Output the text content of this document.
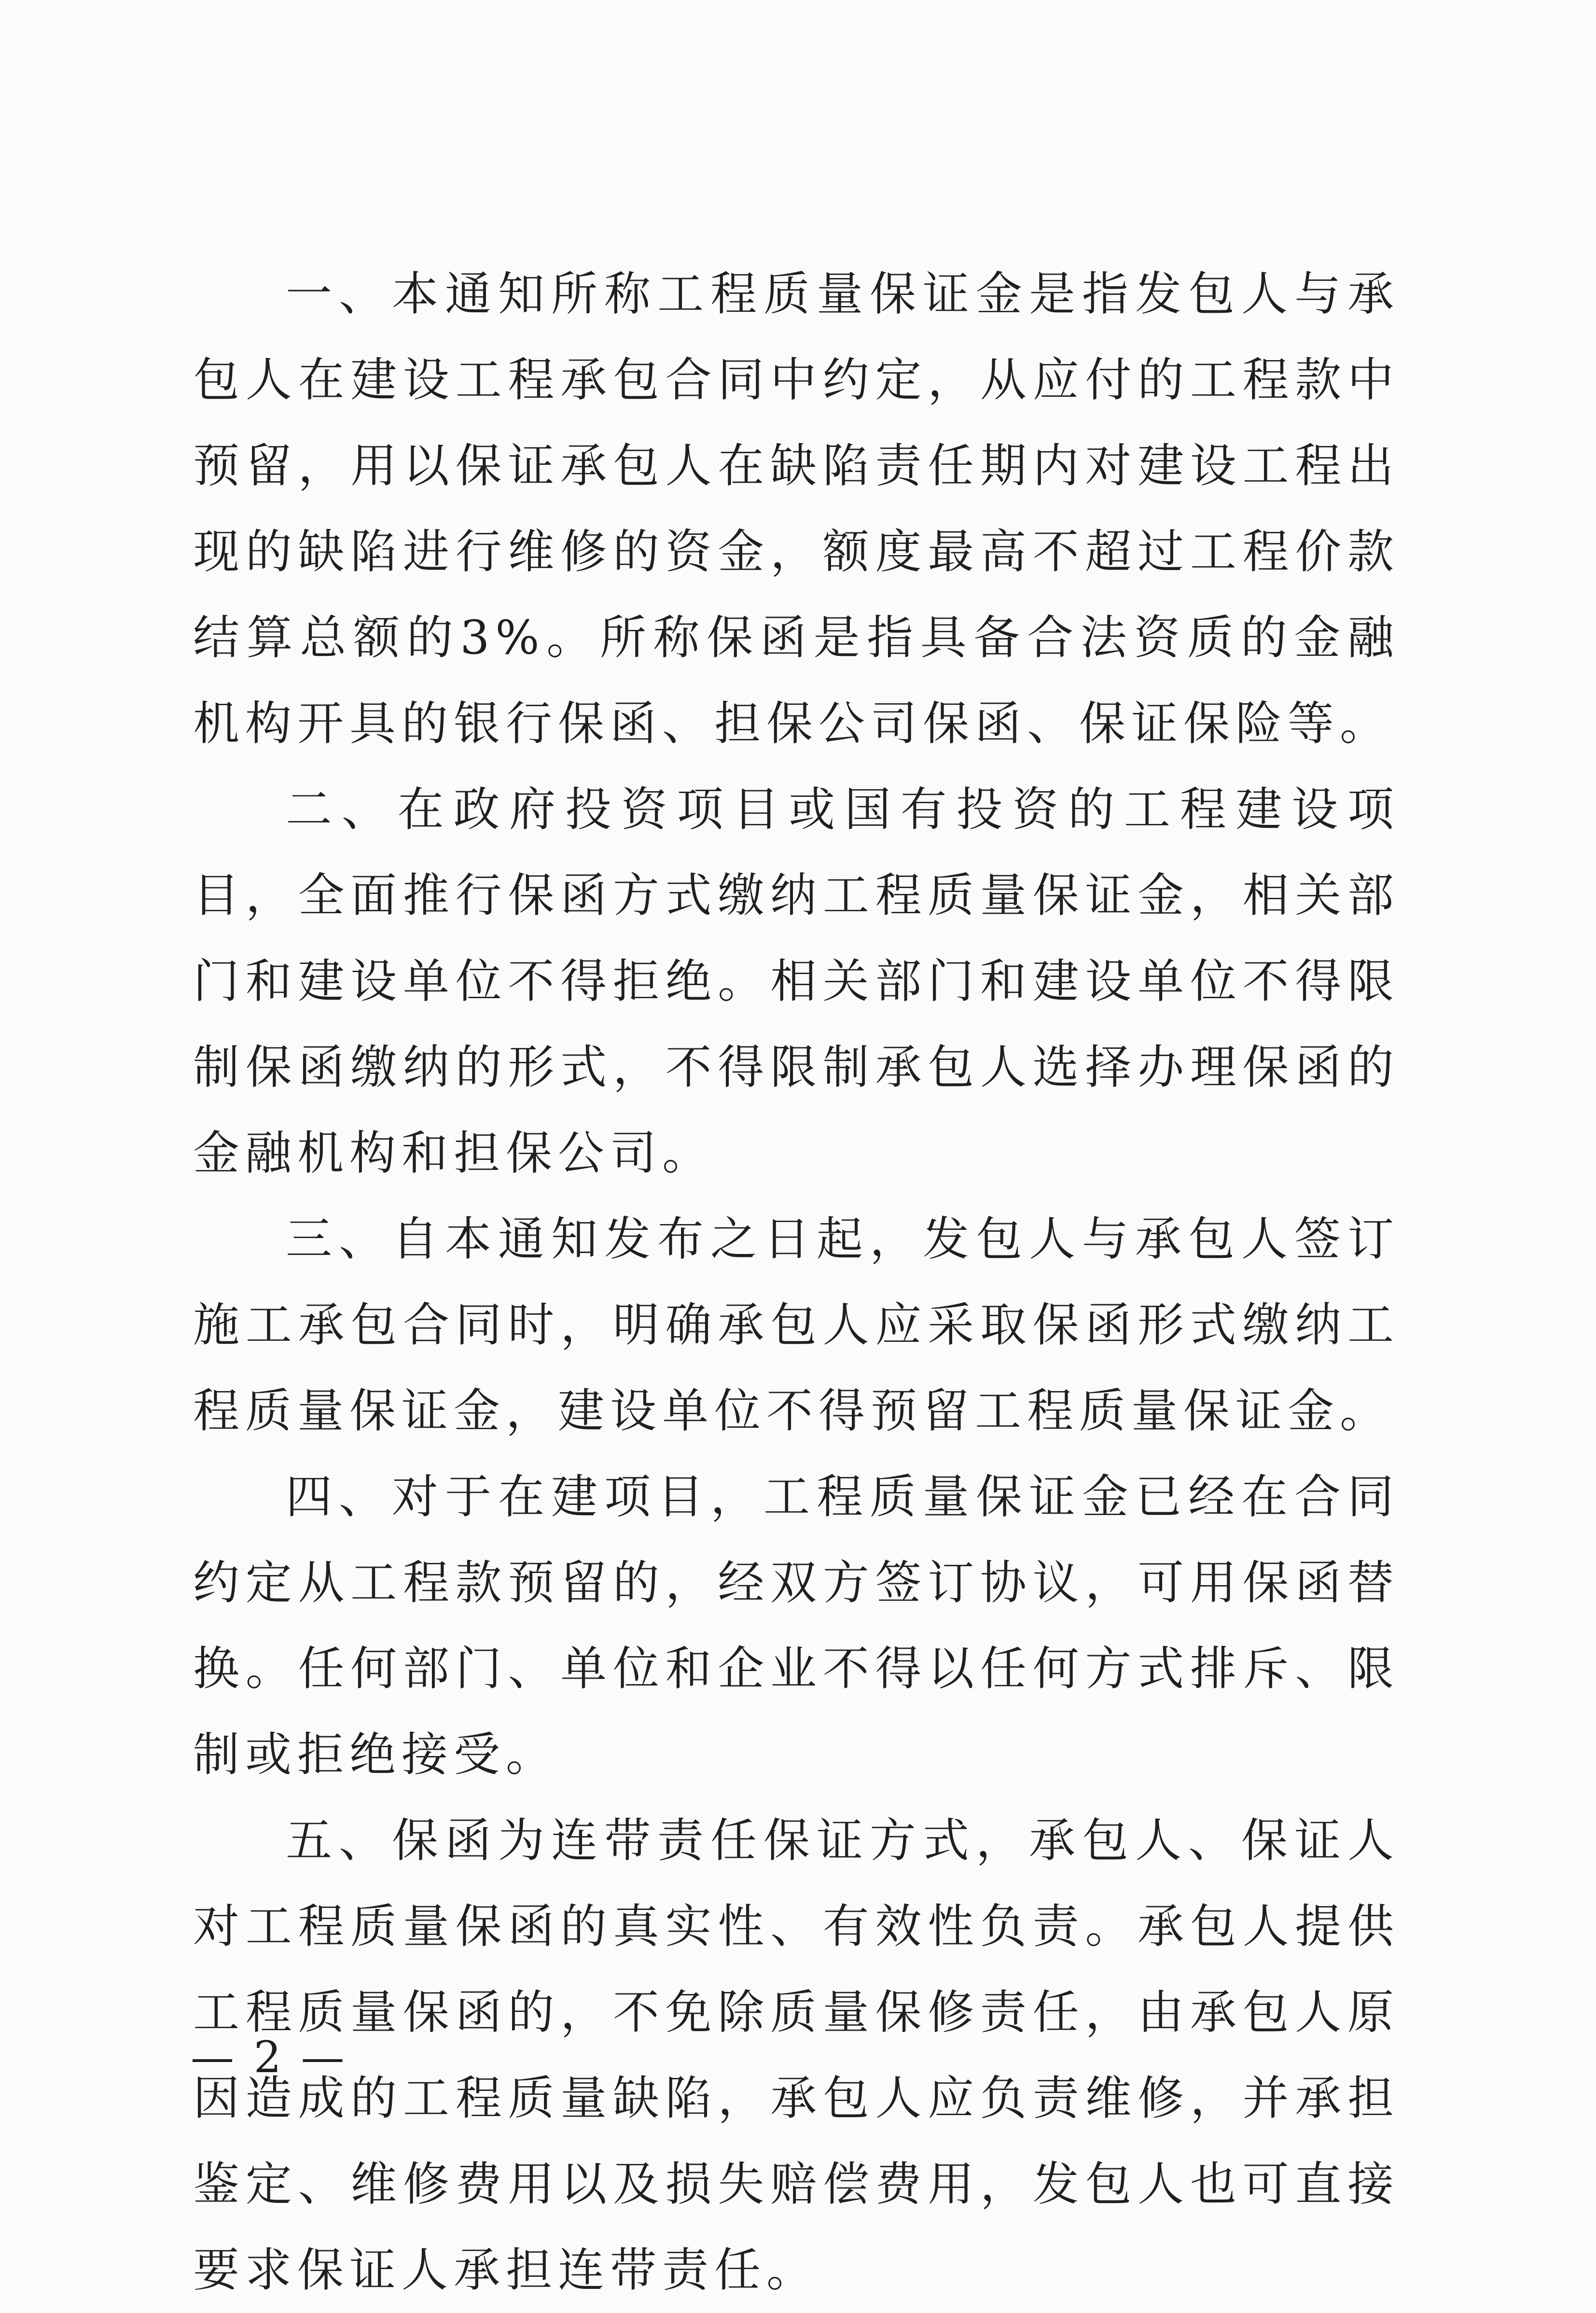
一、本通知所称工程质量保证金是指发包人与承包人在建设工程承包合同中约定，从应付的工程款中预留，用以保证承包人在缺陷责任期内对建设工程出现的缺陷进行维修的资金，额度最高不超过工程价款结算总额的3%。所称保函是指具备合法资质的金融机构开具的银行保函、担保公司保函、保证保险等。

二、在政府投资项目或国有投资的工程建设项目，全面推行保函方式缴纳工程质量保证金，相关部门和建设单位不得拒绝。相关部门和建设单位不得限制保函缴纳的形式，不得限制承包人选择办理保函的金融机构和担保公司。

三、自本通知发布之日起，发包人与承包人签订施工承包合同时，明确承包人应采取保函形式缴纳工程质量保证金，建设单位不得预留工程质量保证金。

四、对于在建项目，工程质量保证金已经在合同约定从工程款预留的，经双方签订协议，可用保函替换。任何部门、单位和企业不得以任何方式排斥、限制或拒绝接受。

五、保函为连带责任保证方式，承包人、保证人对工程质量保函的真实性、有效性负责。承包人提供工程质量保函的，不免除质量保修责任，由承包人原因造成的工程质量缺陷，承包人应负责维修，并承担鉴定、维修费用以及损失赔偿费用，发包人也可直接要求保证人承担连带责任。

— 2 —
